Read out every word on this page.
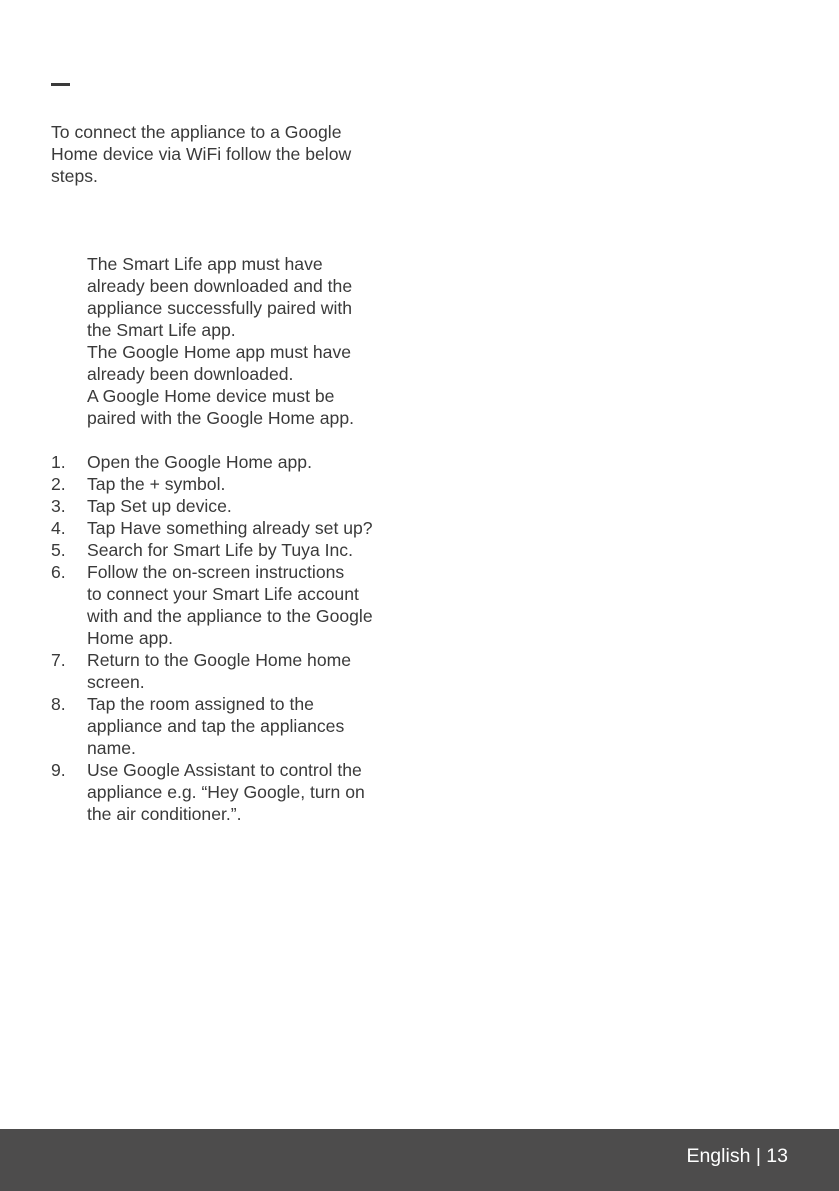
To connect the appliance to a Google
Home device via WiFi follow the below
steps.
The Smart Life app must have
already been downloaded and the
appliance successfully paired with
the Smart Life app.
The Google Home app must have
already been downloaded.
A Google Home device must be
paired with the Google Home app.
1.	Open the Google Home app.
2.	Tap the + symbol.
3.	Tap Set up device.
4.	Tap Have something already set up?
5.	Search for Smart Life by Tuya Inc.
6.	Follow the on-screen instructions
to connect your Smart Life account
with and the appliance to the Google
Home app.
7.	Return to the Google Home home
screen.
8.	Tap the room assigned to the
appliance and tap the appliances
name.
9.	Use Google Assistant to control the
appliance e.g. “Hey Google, turn on
the air conditioner.”.
English | 13
